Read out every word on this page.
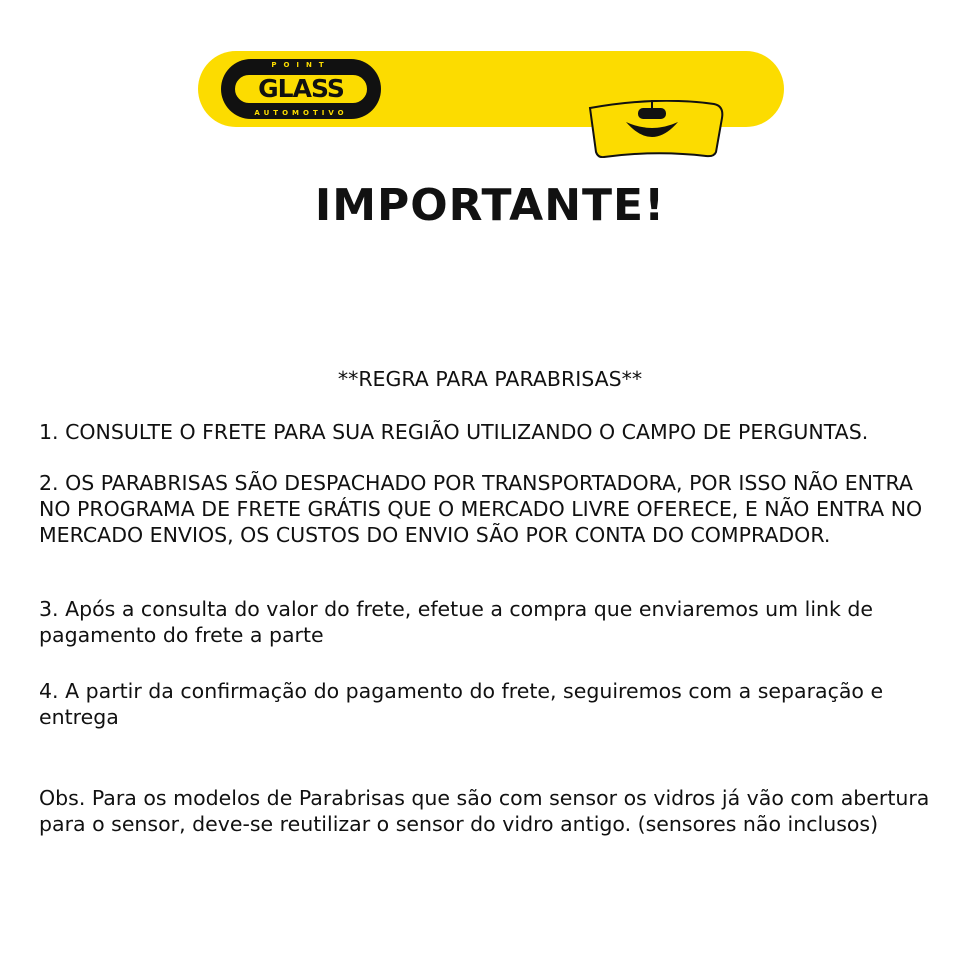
POINT
GLASS
AUTOMOTIVO
IMPORTANTE!
**REGRA PARA PARABRISAS**
1. CONSULTE O FRETE PARA SUA REGIÃO UTILIZANDO O CAMPO DE PERGUNTAS.
2. OS PARABRISAS SÃO DESPACHADO POR TRANSPORTADORA, POR ISSO NÃO ENTRA NO PROGRAMA DE FRETE GRÁTIS QUE O MERCADO LIVRE OFERECE, E NÃO ENTRA NO MERCADO ENVIOS, OS CUSTOS DO ENVIO SÃO POR CONTA DO COMPRADOR.
3. Após a consulta do valor do frete, efetue a compra que enviaremos um link de pagamento do frete a parte
4. A partir da confirmação do pagamento do frete, seguiremos com a separação e entrega
Obs. Para os modelos de Parabrisas que são com sensor os vidros já vão com abertura para o sensor, deve-se reutilizar o sensor do vidro antigo. (sensores não inclusos)
